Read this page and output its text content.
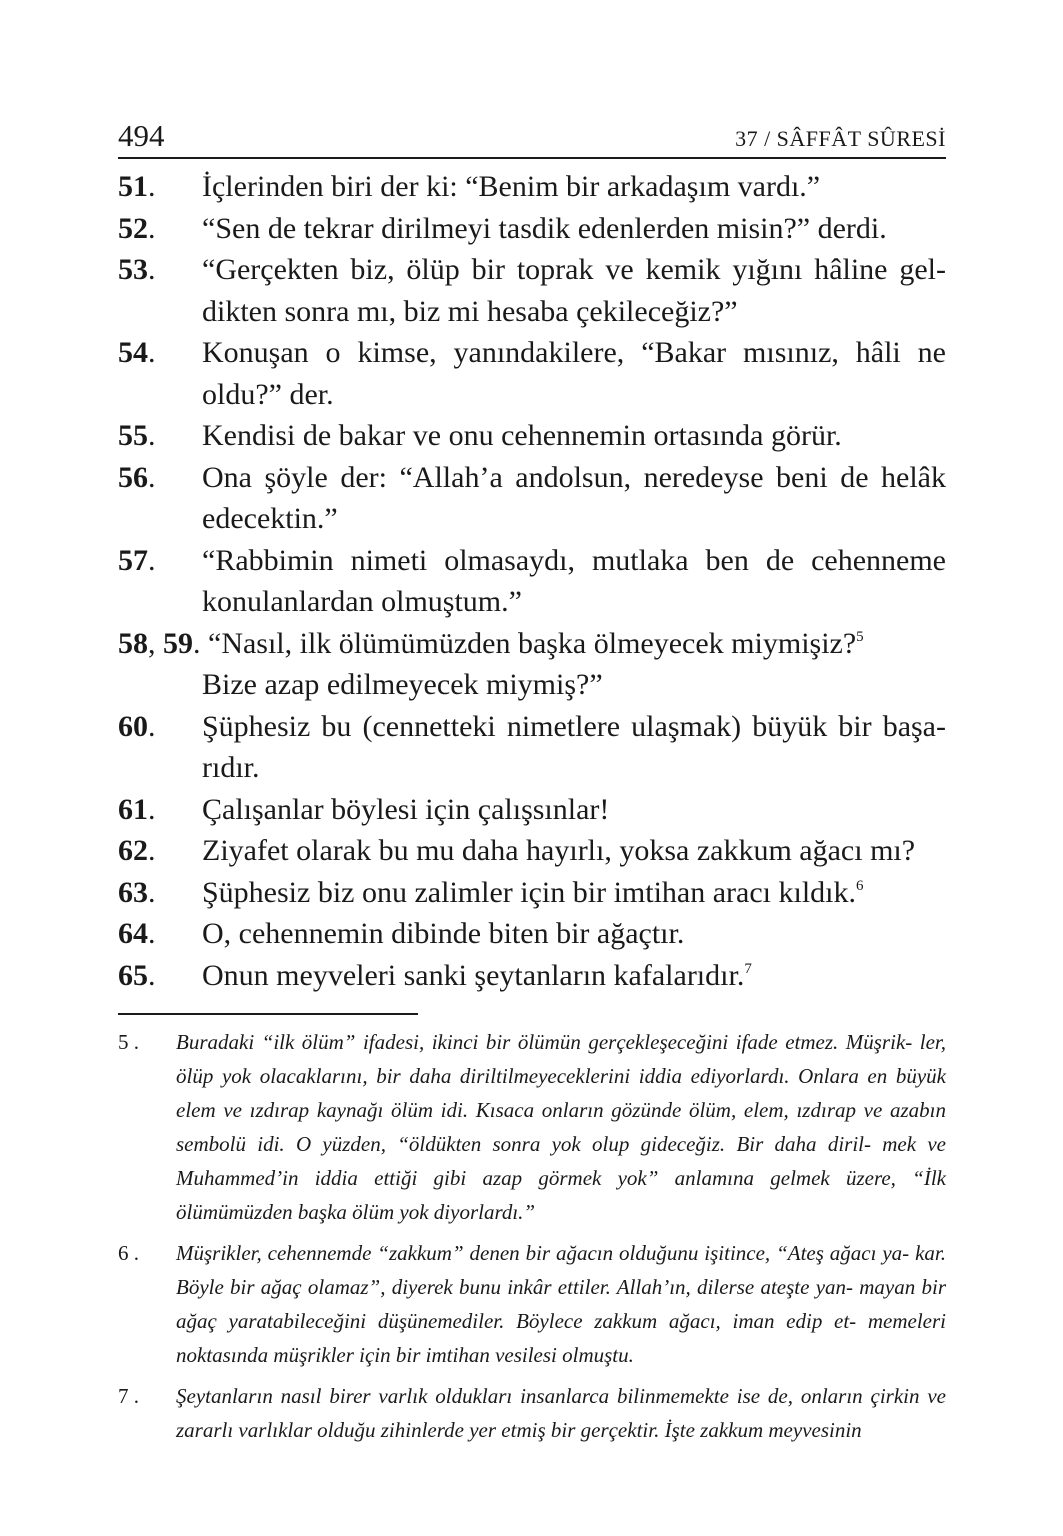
494	37 / SÂFFÂT SÛRESİ
51. İçlerinden biri der ki: “Benim bir arkadaşım vardı.”
52. “Sen de tekrar dirilmeyi tasdik edenlerden misin?” derdi.
53. “Gerçekten biz, ölüp bir toprak ve kemik yığını hâline gel- dikten sonra mı, biz mi hesaba çekileceğiz?”
54. Konuşan o kimse, yanındakilere, “Bakar mısınız, hâli ne oldu?” der.
55. Kendisi de bakar ve onu cehennemin ortasında görür.
56. Ona şöyle der: “Allah’a andolsun, neredeyse beni de helâk edecektin.”
57. “Rabbimin nimeti olmasaydı, mutlaka ben de cehenneme konulanlardan olmuştum.”
58, 59. “Nasıl, ilk ölümümüzden başka ölmeyecek miymişiz?$^5$
Bize azap edilmeyecek miymiş?”
60. Şüphesiz bu (cennetteki nimetlere ulaşmak) büyük bir başa- rıdır.
61. Çalışanlar böylesi için çalışsınlar!
62. Ziyafet olarak bu mu daha hayırlı, yoksa zakkum ağacı mı?
63. Şüphesiz biz onu zalimler için bir imtihan aracı kıldık.$^6$
64. O, cehennemin dibinde biten bir ağaçtır.
65. Onun meyveleri sanki şeytanların kafalarıdır.$^7$
5 . Buradaki “ilk ölüm” ifadesi, ikinci bir ölümün gerçekleşeceğini ifade etmez. Müşrik- ler, ölüp yok olacaklarını, bir daha diriltilmeyeceklerini iddia ediyorlardı. Onlara en büyük elem ve ızdırap kaynağı ölüm idi. Kısaca onların gözünde ölüm, elem, ızdırap ve azabın sembolü idi. O yüzden, “öldükten sonra yok olup gideceğiz. Bir daha diril- mek ve Muhammed’in iddia ettiği gibi azap görmek yok” anlamına gelmek üzere, “İlk ölümümüzden başka ölüm yok diyorlardı.”
6 . Müşrikler, cehennemde “zakkum” denen bir ağacın olduğunu işitince, “Ateş ağacı ya- kar. Böyle bir ağaç olamaz”, diyerek bunu inkâr ettiler. Allah’ın, dilerse ateşte yan- mayan bir ağaç yaratabileceğini düşünemediler. Böylece zakkum ağacı, iman edip et- memeleri noktasında müşrikler için bir imtihan vesilesi olmuştu.
7 . Şeytanların nasıl birer varlık oldukları insanlarca bilinmemekte ise de, onların çirkin ve zararlı varlıklar olduğu zihinlerde yer etmiş bir gerçektir. İşte zakkum meyvesinin
